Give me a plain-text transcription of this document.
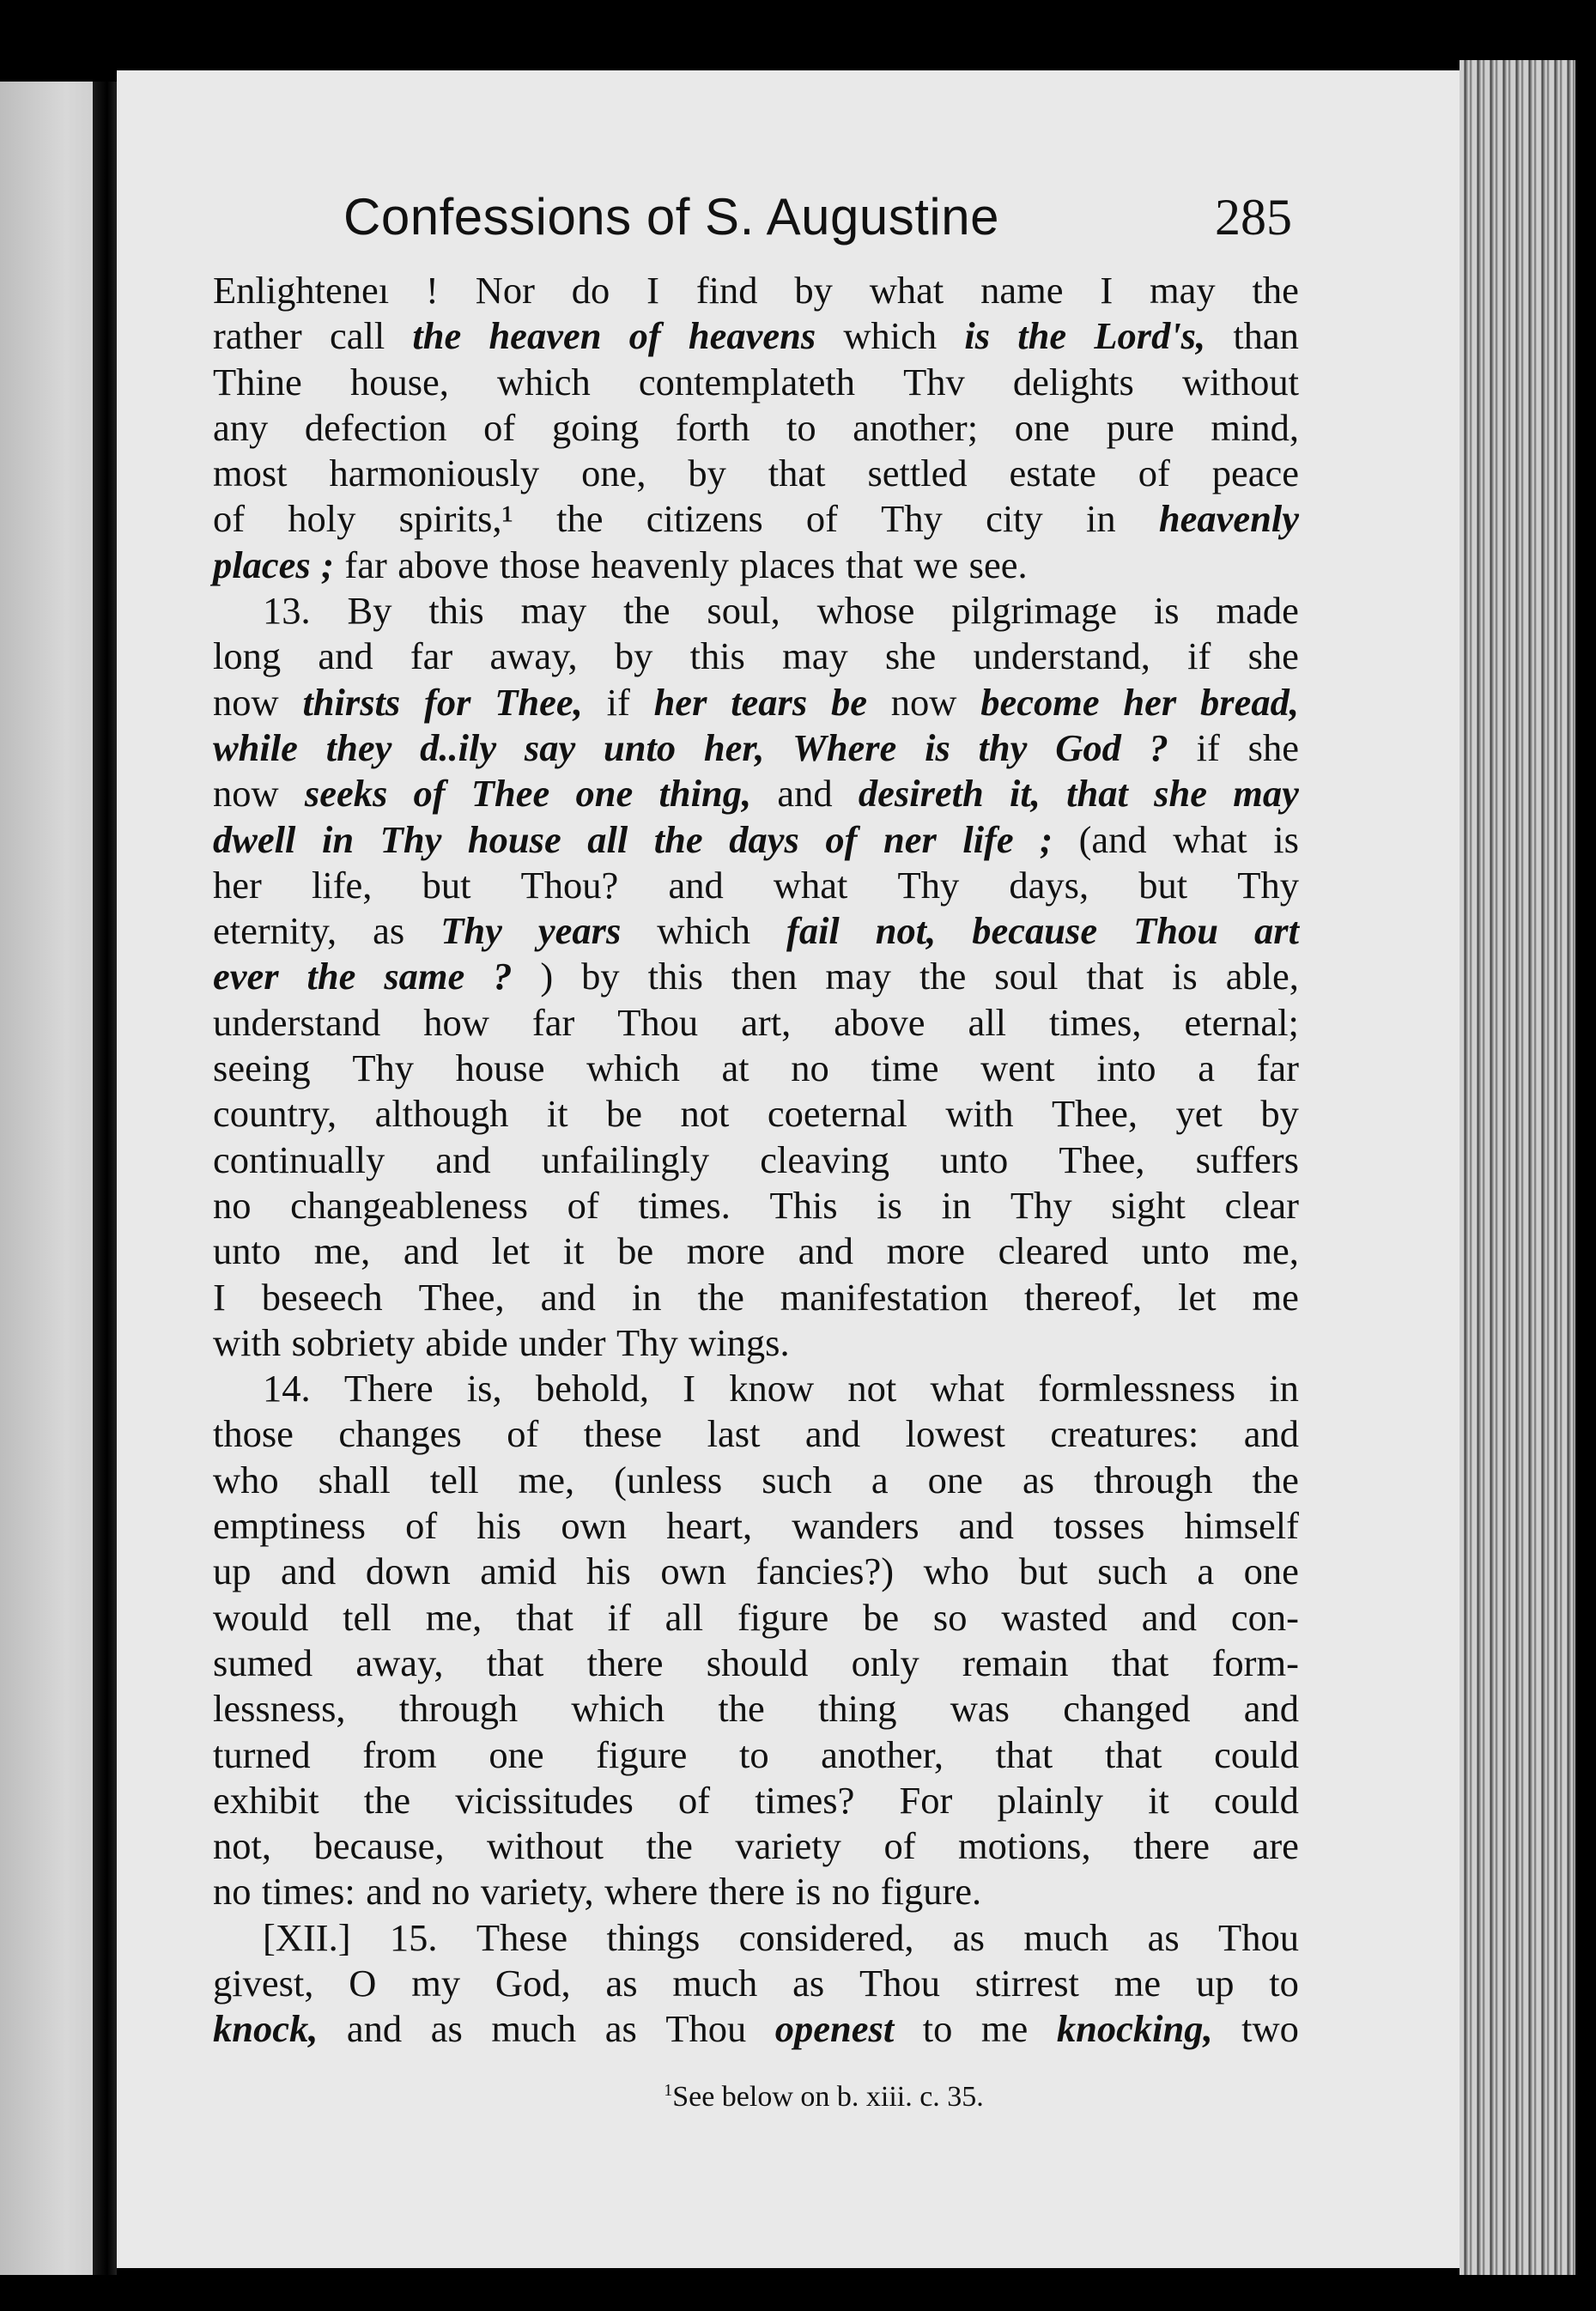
Confessions of S. Augustine	285
Enlighteneı ! Nor do I find by what name I may the
rather call the heaven of heavens which is the Lord's, than
Thine house, which contemplateth Thv delights without
any defection of going forth to another; one pure mind,
most harmoniously one, by that settled estate of peace
of holy spirits,¹ the citizens of Thy city in heavenly
places ; far above those heavenly places that we see.
13. By this may the soul, whose pilgrimage is made
long and far away, by this may she understand, if she
now thirsts for Thee, if her tears be now become her bread,
while they d..ily say unto her, Where is thy God ? if she
now seeks of Thee one thing, and desireth it, that she may
dwell in Thy house all the days of ner life ; (and what is
her life, but Thou? and what Thy days, but Thy
eternity, as Thy years which fail not, because Thou art
ever the same ? ) by this then may the soul that is able,
understand how far Thou art, above all times, eternal;
seeing Thy house which at no time went into a far
country, although it be not coeternal with Thee, yet by
continually and unfailingly cleaving unto Thee, suffers
no changeableness of times. This is in Thy sight clear
unto me, and let it be more and more cleared unto me,
I beseech Thee, and in the manifestation thereof, let me
with sobriety abide under Thy wings.
14. There is, behold, I know not what formlessness in
those changes of these last and lowest creatures: and
who shall tell me, (unless such a one as through the
emptiness of his own heart, wanders and tosses himself
up and down amid his own fancies?) who but such a one
would tell me, that if all figure be so wasted and con-
sumed away, that there should only remain that form-
lessness, through which the thing was changed and
turned from one figure to another, that that could
exhibit the vicissitudes of times? For plainly it could
not, because, without the variety of motions, there are
no times: and no variety, where there is no figure.
[XII.] 15. These things considered, as much as Thou
givest, O my God, as much as Thou stirrest me up to
knock, and as much as Thou openest to me knocking, two
$^1$See below on b. xiii. c. 35.
